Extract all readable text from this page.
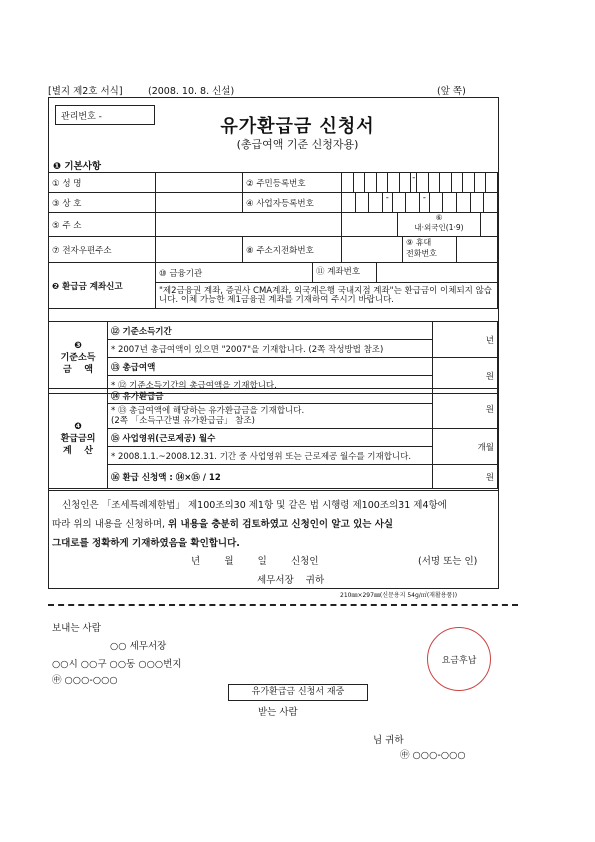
[별지 제2호 서식]	(2008. 10. 8. 신설)	(앞 쪽)
관리번호 -	유가환급금 신청서
(총급여액 기준 신청자용)
❶ 기본사항
① 성 명		② 주민등록번호	-

③ 상 호		④ 사업자등록번호	- -

⑤ 주 소			⑥
내·외국인(1·9)

⑦ 전자우편주소		⑧ 주소지전화번호	⑨ 휴대
전화번호
❷ 환급금 계좌신고	⑩ 금융기관	⑪ 계좌번호

"제2금융권 계좌, 증권사 CMA계좌, 외국계은행 국내지점 계좌"는 환급금이 이체되지 않습니다. 이체 가능한 제1금융권 계좌를 기재하여 주시기 바랍니다.
❸
기준소득
금    액	⑫ 기준소득기간	년
	* 2007년 총급여액이 있으면 "2007"을 기재합니다. (2쪽 작성방법 참조)	
	⑬ 총급여액	원
	* ⑫ 기준소득기간의 총급여액을 기재합니다.	
❹
환급금의
계    산	⑭ 유가환급금	원

	* ⑬ 총급여액에 해당하는 유가환급금을 기재합니다.
(2쪽 「소득구간별 유가환급금」 참조)	

	⑮ 사업영위(근로제공) 월수	개월
	* 2008.1.1.~2008.12.31. 기간 중 사업영위 또는 근로제공 월수를 기재합니다.	
	⑯ 환급 신청액 : ⑭×⑮ / 12	원
신청인은 「조세특례제한법」 제100조의30 제1항 및 같은 법 시행령 제100조의31 제4항에
따라 위의 내용을 신청하며, 위 내용을 충분히 검토하였고 신청인이 알고 있는 사실
그대로를 정확하게 기재하였음을 확인합니다.
년        월        일        신청인	(서명 또는 인)
세무서장    귀하
210㎜×297㎜(신문용지 54g/㎡(재활용품))
보내는 사람
○○ 세무서장
○○시 ○○구 ○○동 ○○○번지
㊥ ○○○-○○○
요금후납
유가환급금 신청서 재중
받는 사람
님 귀하
㊥ ○○○-○○○
